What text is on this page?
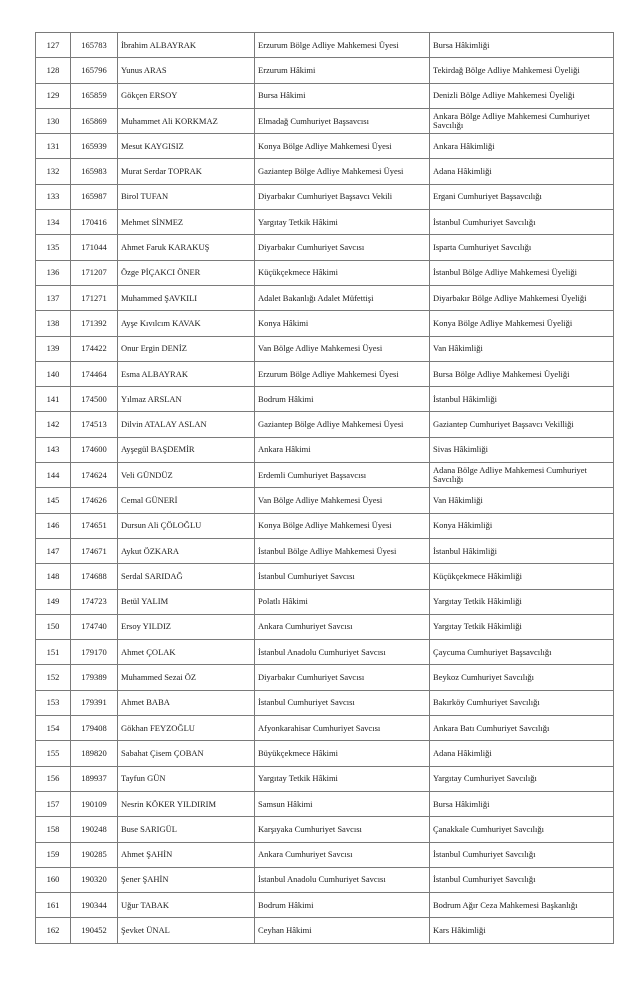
127	165783	İbrahim ALBAYRAK	Erzurum Bölge Adliye Mahkemesi Üyesi	Bursa Hâkimliği
128	165796	Yunus ARAS	Erzurum Hâkimi	Tekirdağ Bölge Adliye Mahkemesi Üyeliği
129	165859	Gökçen ERSOY	Bursa Hâkimi	Denizli Bölge Adliye Mahkemesi Üyeliği
130	165869	Muhammet Ali KORKMAZ	Elmadağ Cumhuriyet Başsavcısı	Ankara Bölge Adliye Mahkemesi Cumhuriyet Savcılığı
131	165939	Mesut KAYGISIZ	Konya Bölge Adliye Mahkemesi Üyesi	Ankara Hâkimliği
132	165983	Murat Serdar TOPRAK	Gaziantep Bölge Adliye Mahkemesi Üyesi	Adana Hâkimliği
133	165987	Birol TUFAN	Diyarbakır Cumhuriyet Başsavcı Vekili	Ergani Cumhuriyet Başsavcılığı
134	170416	Mehmet SİNMEZ	Yargıtay Tetkik Hâkimi	İstanbul Cumhuriyet Savcılığı
135	171044	Ahmet Faruk KARAKUŞ	Diyarbakır Cumhuriyet Savcısı	Isparta Cumhuriyet Savcılığı
136	171207	Özge PİÇAKCI ÖNER	Küçükçekmece Hâkimi	İstanbul Bölge Adliye Mahkemesi Üyeliği
137	171271	Muhammed ŞAVKILI	Adalet Bakanlığı Adalet Müfettişi	Diyarbakır Bölge Adliye Mahkemesi Üyeliği
138	171392	Ayşe Kıvılcım KAVAK	Konya Hâkimi	Konya Bölge Adliye Mahkemesi Üyeliği
139	174422	Onur Ergin DENİZ	Van Bölge Adliye Mahkemesi Üyesi	Van Hâkimliği
140	174464	Esma ALBAYRAK	Erzurum Bölge Adliye Mahkemesi Üyesi	Bursa Bölge Adliye Mahkemesi Üyeliği
141	174500	Yılmaz ARSLAN	Bodrum Hâkimi	İstanbul Hâkimliği
142	174513	Dilvin ATALAY ASLAN	Gaziantep Bölge Adliye Mahkemesi Üyesi	Gaziantep Cumhuriyet Başsavcı Vekilliği
143	174600	Ayşegül BAŞDEMİR	Ankara Hâkimi	Sivas Hâkimliği
144	174624	Veli GÜNDÜZ	Erdemli Cumhuriyet Başsavcısı	Adana Bölge Adliye Mahkemesi Cumhuriyet Savcılığı
145	174626	Cemal GÜNERİ	Van Bölge Adliye Mahkemesi Üyesi	Van Hâkimliği
146	174651	Dursun Ali ÇÖLOĞLU	Konya Bölge Adliye Mahkemesi Üyesi	Konya Hâkimliği
147	174671	Aykut ÖZKARA	İstanbul Bölge Adliye Mahkemesi Üyesi	İstanbul Hâkimliği
148	174688	Serdal SARIDAĞ	İstanbul Cumhuriyet Savcısı	Küçükçekmece Hâkimliği
149	174723	Betül YALIM	Polatlı Hâkimi	Yargıtay Tetkik Hâkimliği
150	174740	Ersoy YILDIZ	Ankara Cumhuriyet Savcısı	Yargıtay Tetkik Hâkimliği
151	179170	Ahmet ÇOLAK	İstanbul Anadolu Cumhuriyet Savcısı	Çaycuma Cumhuriyet Başsavcılığı
152	179389	Muhammed Sezai ÖZ	Diyarbakır Cumhuriyet Savcısı	Beykoz Cumhuriyet Savcılığı
153	179391	Ahmet BABA	İstanbul Cumhuriyet Savcısı	Bakırköy Cumhuriyet Savcılığı
154	179408	Gökhan FEYZOĞLU	Afyonkarahisar Cumhuriyet Savcısı	Ankara Batı Cumhuriyet Savcılığı
155	189820	Sabahat Çisem ÇOBAN	Büyükçekmece Hâkimi	Adana Hâkimliği
156	189937	Tayfun GÜN	Yargıtay Tetkik Hâkimi	Yargıtay Cumhuriyet Savcılığı
157	190109	Nesrin KÖKER YILDIRIM	Samsun Hâkimi	Bursa Hâkimliği
158	190248	Buse SARIGÜL	Karşıyaka Cumhuriyet Savcısı	Çanakkale Cumhuriyet Savcılığı
159	190285	Ahmet ŞAHİN	Ankara Cumhuriyet Savcısı	İstanbul Cumhuriyet Savcılığı
160	190320	Şener ŞAHİN	İstanbul Anadolu Cumhuriyet Savcısı	İstanbul Cumhuriyet Savcılığı
161	190344	Uğur TABAK	Bodrum Hâkimi	Bodrum Ağır Ceza Mahkemesi Başkanlığı
162	190452	Şevket ÜNAL	Ceyhan Hâkimi	Kars Hâkimliği
